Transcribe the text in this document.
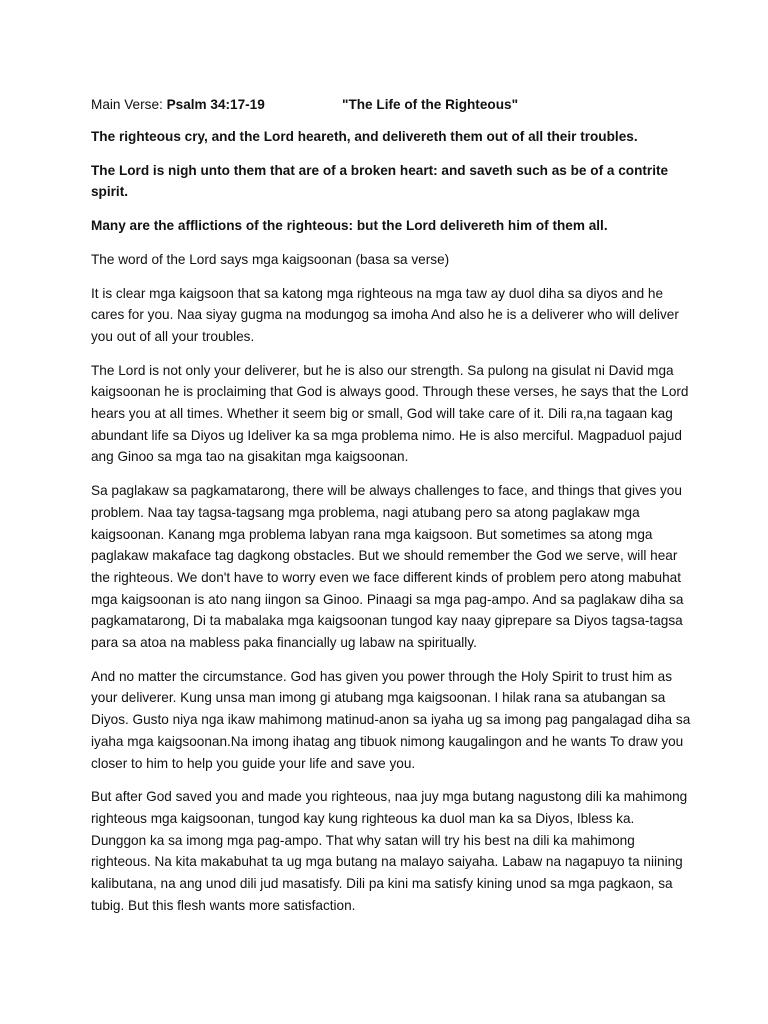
Main Verse: Psalm 34:17-19	"The Life of the Righteous"

The righteous cry, and the Lord heareth, and delivereth them out of all their troubles.

The Lord is nigh unto them that are of a broken heart: and saveth such as be of a contrite spirit.

Many are the afflictions of the righteous: but the Lord delivereth him of them all.

The word of the Lord says mga kaigsoonan (basa sa verse)

It is clear mga kaigsoon that sa katong mga righteous na mga taw ay duol diha sa diyos and he cares for you. Naa siyay gugma na modungog sa imoha And also he is a deliverer who will deliver you out of all your troubles.

The Lord is not only your deliverer, but he is also our strength. Sa pulong na gisulat ni David mga kaigsoonan he is proclaiming that God is always good. Through these verses, he says that the Lord hears you at all times. Whether it seem big or small, God will take care of it. Dili ra,na tagaan kag abundant life sa Diyos ug Ideliver ka sa mga problema nimo. He is also merciful. Magpaduol pajud ang Ginoo sa mga tao na gisakitan mga kaigsoonan.

Sa paglakaw sa pagkamatarong, there will be always challenges to face, and things that gives you problem. Naa tay tagsa-tagsang mga problema, nagi atubang pero sa atong paglakaw mga kaigsoonan. Kanang mga problema labyan rana mga kaigsoon. But sometimes sa atong mga paglakaw makaface tag dagkong obstacles. But we should remember the God we serve, will hear the righteous. We don't have to worry even we face different kinds of problem pero atong mabuhat mga kaigsoonan is ato nang iingon sa Ginoo. Pinaagi sa mga pag-ampo. And sa paglakaw diha sa pagkamatarong, Di ta mabalaka mga kaigsoonan tungod kay naay giprepare sa Diyos tagsa-tagsa para sa atoa na mabless paka financially ug labaw na spiritually.

And no matter the circumstance. God has given you power through the Holy Spirit to trust him as your deliverer. Kung unsa man imong gi atubang mga kaigsoonan. I hilak rana sa atubangan sa Diyos. Gusto niya nga ikaw mahimong matinud-anon sa iyaha ug sa imong pag pangalagad diha sa iyaha mga kaigsoonan.Na imong ihatag ang tibuok nimong kaugalingon and he wants To draw you closer to him to help you guide your life and save you.

But after God saved you and made you righteous, naa juy mga butang nagustong dili ka mahimong righteous mga kaigsoonan, tungod kay kung righteous ka duol man ka sa Diyos, Ibless ka. Dunggon ka sa imong mga pag-ampo. That why satan will try his best na dili ka mahimong righteous. Na kita makabuhat ta ug mga butang na malayo saiyaha. Labaw na nagapuyo ta niining kalibutana, na ang unod dili jud masatisfy. Dili pa kini ma satisfy kining unod sa mga pagkaon, sa tubig. But this flesh wants more satisfaction.
